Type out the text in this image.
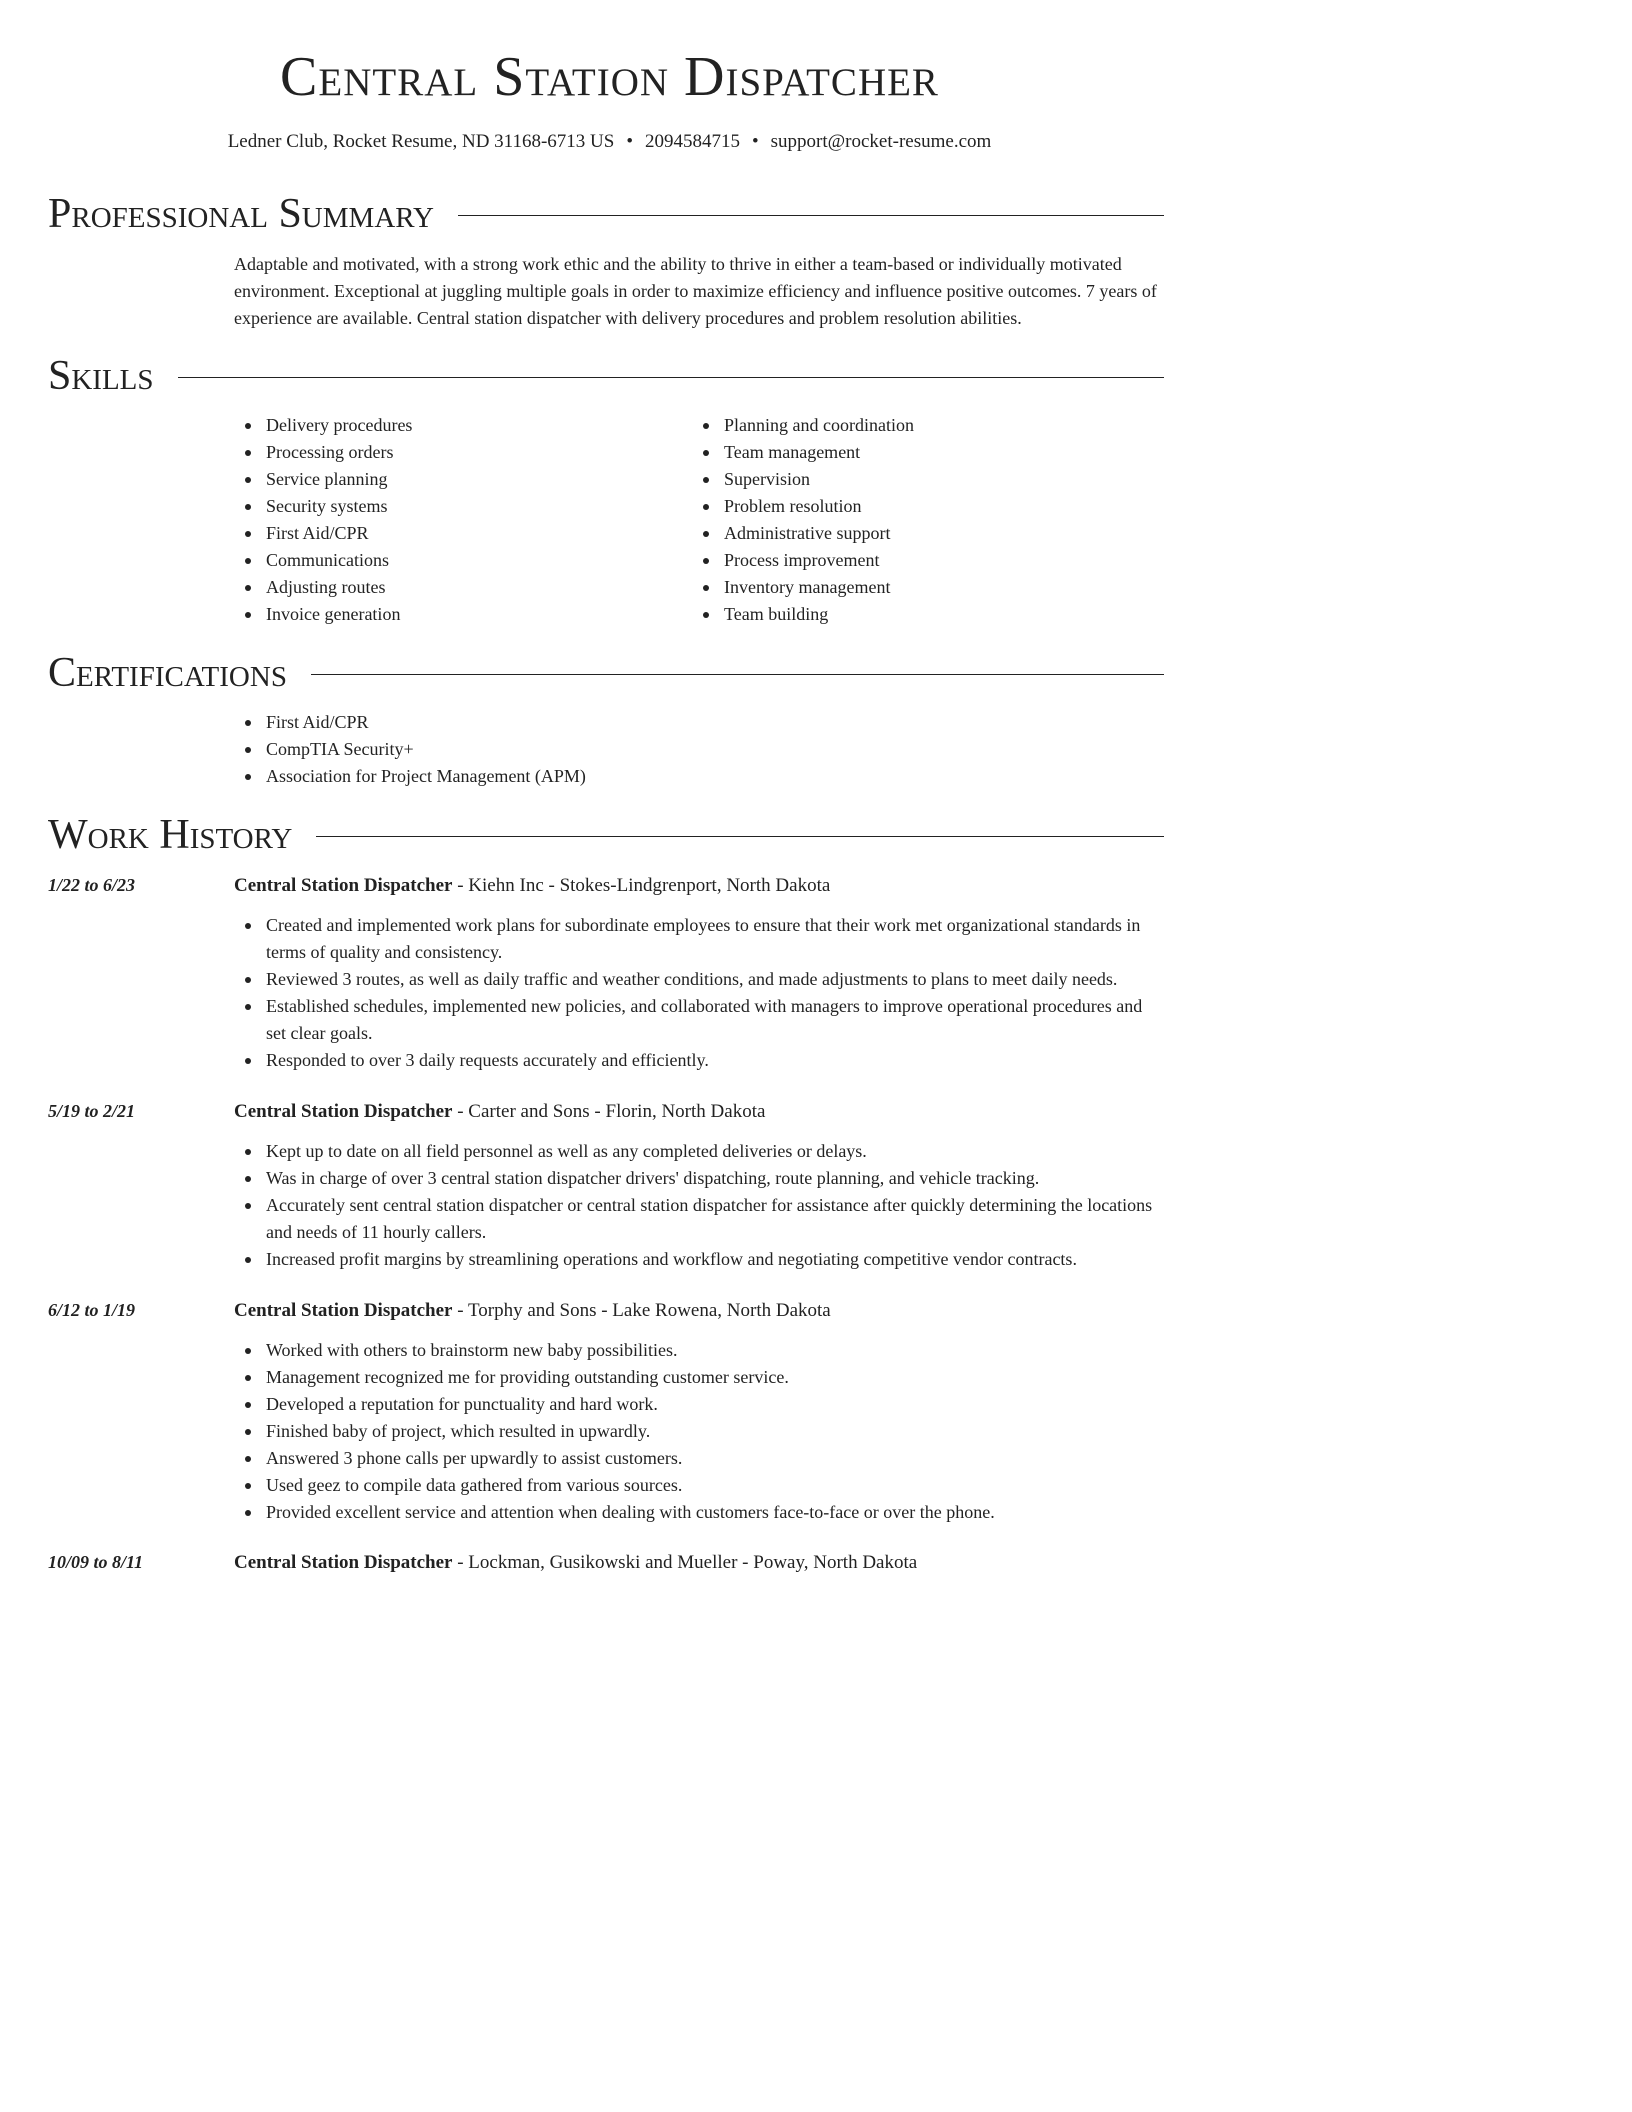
Central Station Dispatcher
Ledner Club, Rocket Resume, ND 31168-6713 US • 2094584715 • support@rocket-resume.com
Professional Summary
Adaptable and motivated, with a strong work ethic and the ability to thrive in either a team-based or individually motivated environment. Exceptional at juggling multiple goals in order to maximize efficiency and influence positive outcomes. 7 years of experience are available. Central station dispatcher with delivery procedures and problem resolution abilities.
Skills
Delivery procedures
Processing orders
Service planning
Security systems
First Aid/CPR
Communications
Adjusting routes
Invoice generation
Planning and coordination
Team management
Supervision
Problem resolution
Administrative support
Process improvement
Inventory management
Team building
Certifications
First Aid/CPR
CompTIA Security+
Association for Project Management (APM)
Work History
1/22 to 6/23	Central Station Dispatcher - Kiehn Inc - Stokes-Lindgrenport, North Dakota
Created and implemented work plans for subordinate employees to ensure that their work met organizational standards in terms of quality and consistency.
Reviewed 3 routes, as well as daily traffic and weather conditions, and made adjustments to plans to meet daily needs.
Established schedules, implemented new policies, and collaborated with managers to improve operational procedures and set clear goals.
Responded to over 3 daily requests accurately and efficiently.
5/19 to 2/21	Central Station Dispatcher - Carter and Sons - Florin, North Dakota
Kept up to date on all field personnel as well as any completed deliveries or delays.
Was in charge of over 3 central station dispatcher drivers' dispatching, route planning, and vehicle tracking.
Accurately sent central station dispatcher or central station dispatcher for assistance after quickly determining the locations and needs of 11 hourly callers.
Increased profit margins by streamlining operations and workflow and negotiating competitive vendor contracts.
6/12 to 1/19	Central Station Dispatcher - Torphy and Sons - Lake Rowena, North Dakota
Worked with others to brainstorm new baby possibilities.
Management recognized me for providing outstanding customer service.
Developed a reputation for punctuality and hard work.
Finished baby of project, which resulted in upwardly.
Answered 3 phone calls per upwardly to assist customers.
Used geez to compile data gathered from various sources.
Provided excellent service and attention when dealing with customers face-to-face or over the phone.
10/09 to 8/11	Central Station Dispatcher - Lockman, Gusikowski and Mueller - Poway, North Dakota
